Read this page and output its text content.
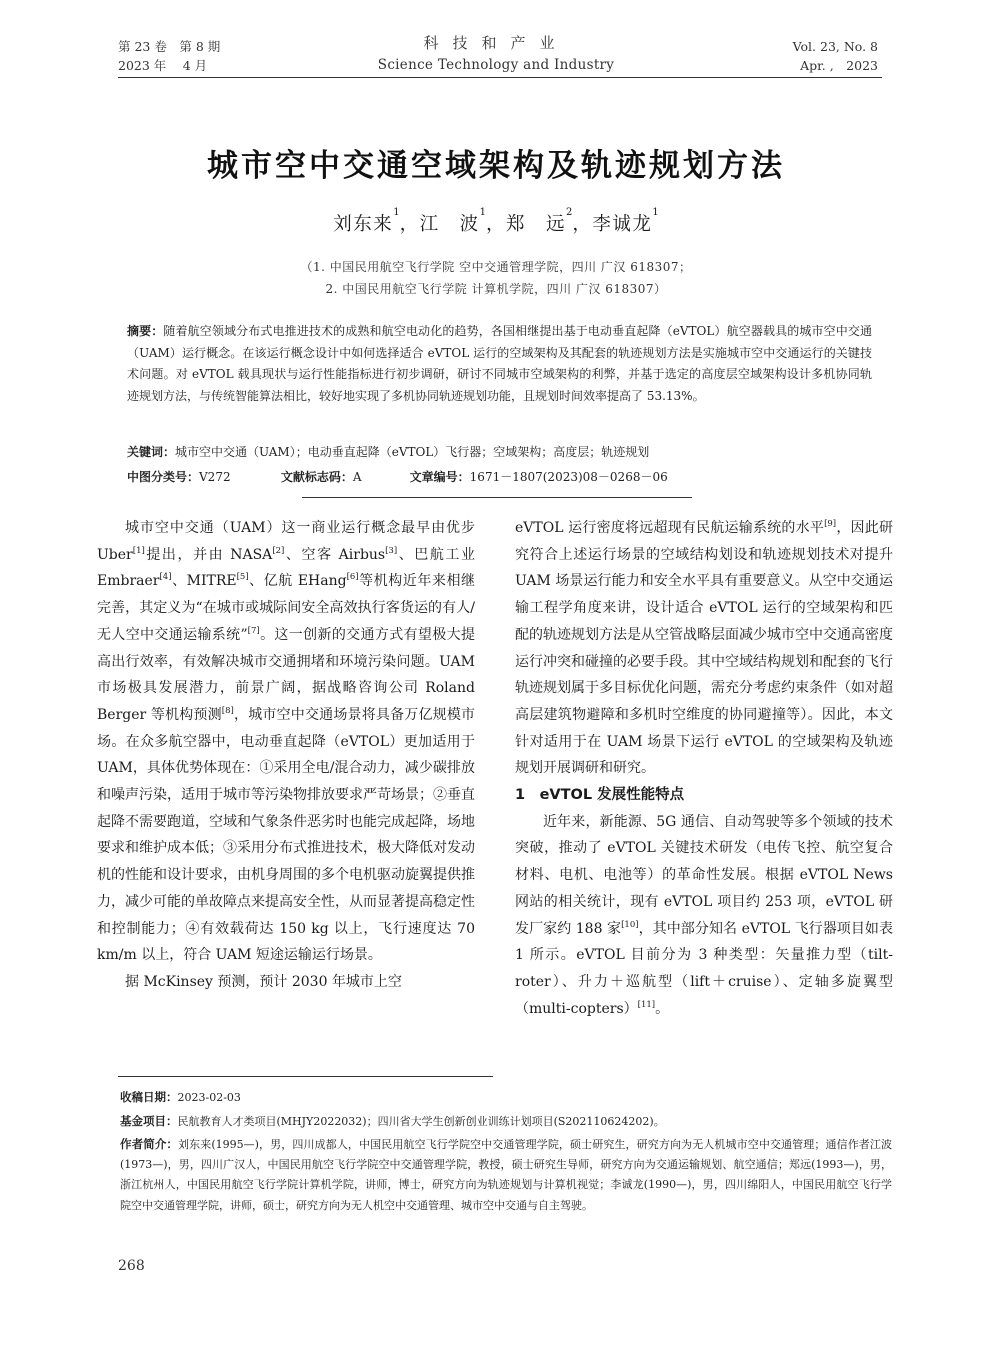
第 23 卷　第 8 期
2023 年　 4 月
科技和产业
Science Technology and Industry
Vol. 23, No. 8
Apr. ,　2023
城市空中交通空域架构及轨迹规划方法
刘东来$^1$，江　波$^1$，郑　远$^2$，李诚龙$^1$
（1. 中国民用航空飞行学院 空中交通管理学院，四川 广汉 618307；
2. 中国民用航空飞行学院 计算机学院，四川 广汉 618307）
摘要：随着航空领域分布式电推进技术的成熟和航空电动化的趋势，各国相继提出基于电动垂直起降（eVTOL）航空器载具的城市空中交通（UAM）运行概念。在该运行概念设计中如何选择适合 eVTOL 运行的空域架构及其配套的轨迹规划方法是实施城市空中交通运行的关键技术问题。对 eVTOL 载具现状与运行性能指标进行初步调研，研讨不同城市空域架构的利弊，并基于选定的高度层空域架构设计多机协同轨迹规划方法，与传统智能算法相比，较好地实现了多机协同轨迹规划功能，且规划时间效率提高了 53.13%。
关键词：城市空中交通（UAM）；电动垂直起降（eVTOL）飞行器；空域架构；高度层；轨迹规划
中图分类号：V272	文献标志码：A	文章编号：1671－1807(2023)08－0268－06

城市空中交通（UAM）这一商业运行概念最早由优步 Uber[1]提出，并由 NASA[2]、空客 Airbus[3]、巴航工业 Embraer[4]、MITRE[5]、亿航 EHang[6]等机构近年来相继完善，其定义为“在城市或城际间安全高效执行客货运的有人/无人空中交通运输系统”[7]。这一创新的交通方式有望极大提高出行效率，有效解决城市交通拥堵和环境污染问题。UAM 市场极具发展潜力，前景广阔，据战略咨询公司 Roland Berger 等机构预测[8]，城市空中交通场景将具备万亿规模市场。在众多航空器中，电动垂直起降（eVTOL）更加适用于 UAM，具体优势体现在：①采用全电/混合动力，减少碳排放和噪声污染，适用于城市等污染物排放要求严苛场景；②垂直起降不需要跑道，空域和气象条件恶劣时也能完成起降，场地要求和维护成本低；③采用分布式推进技术，极大降低对发动机的性能和设计要求，由机身周围的多个电机驱动旋翼提供推力，减少可能的单故障点来提高安全性，从而显著提高稳定性和控制能力；④有效载荷达 150 kg 以上，飞行速度达 70 km/m 以上，符合 UAM 短途运输运行场景。

据 McKinsey 预测，预计 2030 年城市上空

eVTOL 运行密度将远超现有民航运输系统的水平[9]，因此研究符合上述运行场景的空域结构划设和轨迹规划技术对提升 UAM 场景运行能力和安全水平具有重要意义。从空中交通运输工程学角度来讲，设计适合 eVTOL 运行的空域架构和匹配的轨迹规划方法是从空管战略层面减少城市空中交通高密度运行冲突和碰撞的必要手段。其中空域结构规划和配套的飞行轨迹规划属于多目标优化问题，需充分考虑约束条件（如对超高层建筑物避障和多机时空维度的协同避撞等）。因此，本文针对适用于在 UAM 场景下运行 eVTOL 的空域架构及轨迹规划开展调研和研究。

1　eVTOL 发展性能特点

近年来，新能源、5G 通信、自动驾驶等多个领域的技术突破，推动了 eVTOL 关键技术研发（电传飞控、航空复合材料、电机、电池等）的革命性发展。根据 eVTOL News 网站的相关统计，现有 eVTOL 项目约 253 项，eVTOL 研发厂家约 188 家[10]，其中部分知名 eVTOL 飞行器项目如表 1 所示。eVTOL 目前分为 3 种类型：矢量推力型（tilt-roter）、升力＋巡航型（lift＋cruise）、定轴多旋翼型（multi-copters）[11]。

收稿日期：2023-02-03
基金项目：民航教育人才类项目(MHJY2022032)；四川省大学生创新创业训练计划项目(S202110624202)。
作者简介：刘东来(1995—)，男，四川成都人，中国民用航空飞行学院空中交通管理学院，硕士研究生，研究方向为无人机城市空中交通管理；通信作者江波(1973—)，男，四川广汉人，中国民用航空飞行学院空中交通管理学院，教授，硕士研究生导师，研究方向为交通运输规划、航空通信；郑远(1993—)，男，浙江杭州人，中国民用航空飞行学院计算机学院，讲师，博士，研究方向为轨迹规划与计算机视觉；李诚龙(1990—)，男，四川绵阳人，中国民用航空飞行学院空中交通管理学院，讲师，硕士，研究方向为无人机空中交通管理、城市空中交通与自主驾驶。
268
